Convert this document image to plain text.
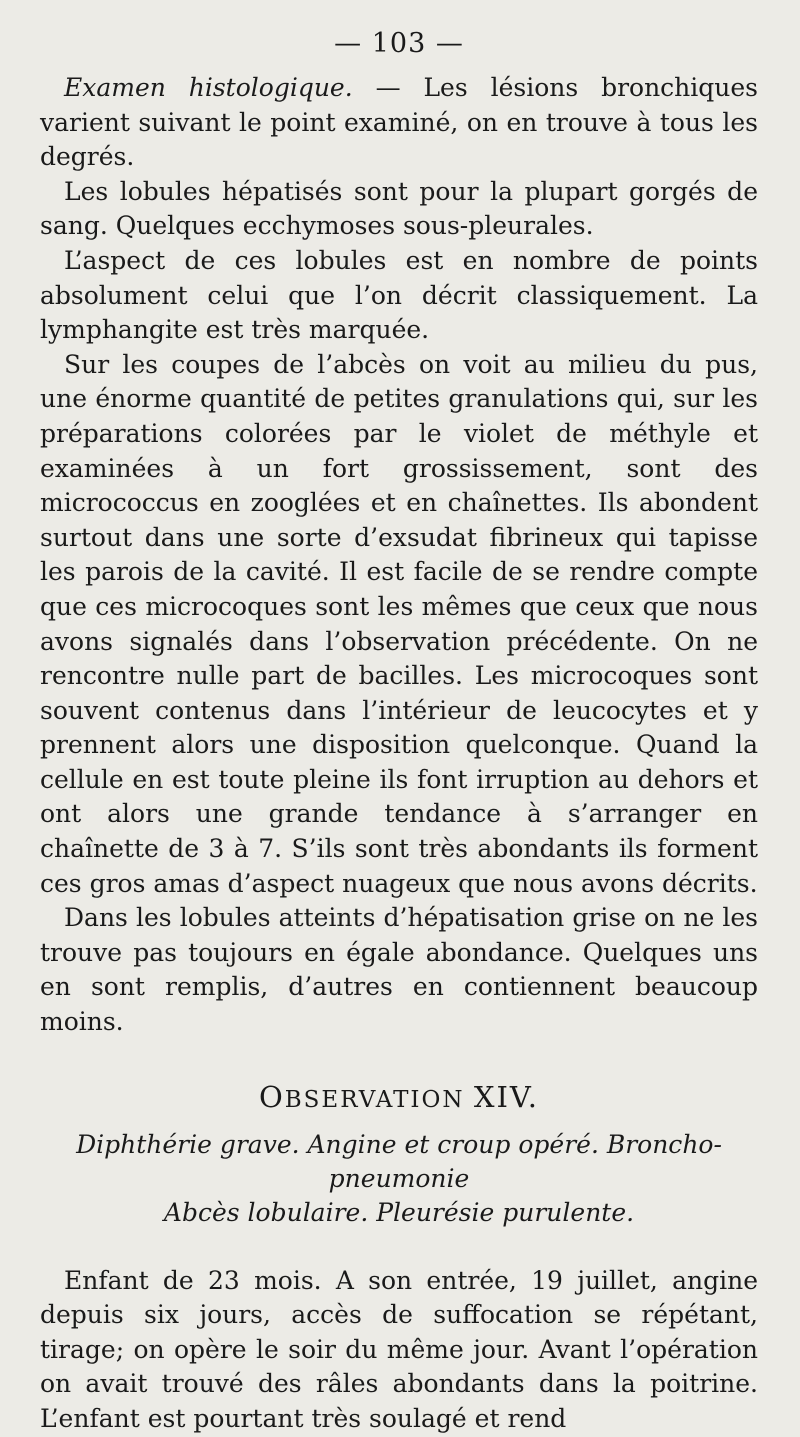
— 103 —

Examen histologique. — Les lésions bronchiques varient suivant le point examiné, on en trouve à tous les degrés.

Les lobules hépatisés sont pour la plupart gorgés de sang. Quelques ecchymoses sous-pleurales.

L’aspect de ces lobules est en nombre de points absolument celui que l’on décrit classiquement. La lymphangite est très marquée.

Sur les coupes de l’abcès on voit au milieu du pus, une énorme quantité de petites granulations qui, sur les préparations colorées par le violet de méthyle et examinées à un fort grossissement, sont des micrococcus en zooglées et en chaînettes. Ils abondent surtout dans une sorte d’exsudat fibrineux qui tapisse les parois de la cavité. Il est facile de se rendre compte que ces microcoques sont les mêmes que ceux que nous avons signalés dans l’observation précédente. On ne rencontre nulle part de bacilles. Les microcoques sont souvent contenus dans l’intérieur de leucocytes et y prennent alors une disposition quelconque. Quand la cellule en est toute pleine ils font irruption au dehors et ont alors une grande tendance à s’arranger en chaînette de 3 à 7. S’ils sont très abondants ils forment ces gros amas d’aspect nuageux que nous avons décrits.

Dans les lobules atteints d’hépatisation grise on ne les trouve pas toujours en égale abondance. Quelques uns en sont remplis, d’autres en contiennent beaucoup moins.

OBSERVATION XIV.
Diphthérie grave. Angine et croup opéré. Broncho-pneumonie
Abcès lobulaire. Pleurésie purulente.

Enfant de 23 mois. A son entrée, 19 juillet, angine depuis six jours, accès de suffocation se répétant, tirage; on opère le soir du même jour. Avant l’opération on avait trouvé des râles abondants dans la poitrine. L’enfant est pourtant très soulagé et rend
